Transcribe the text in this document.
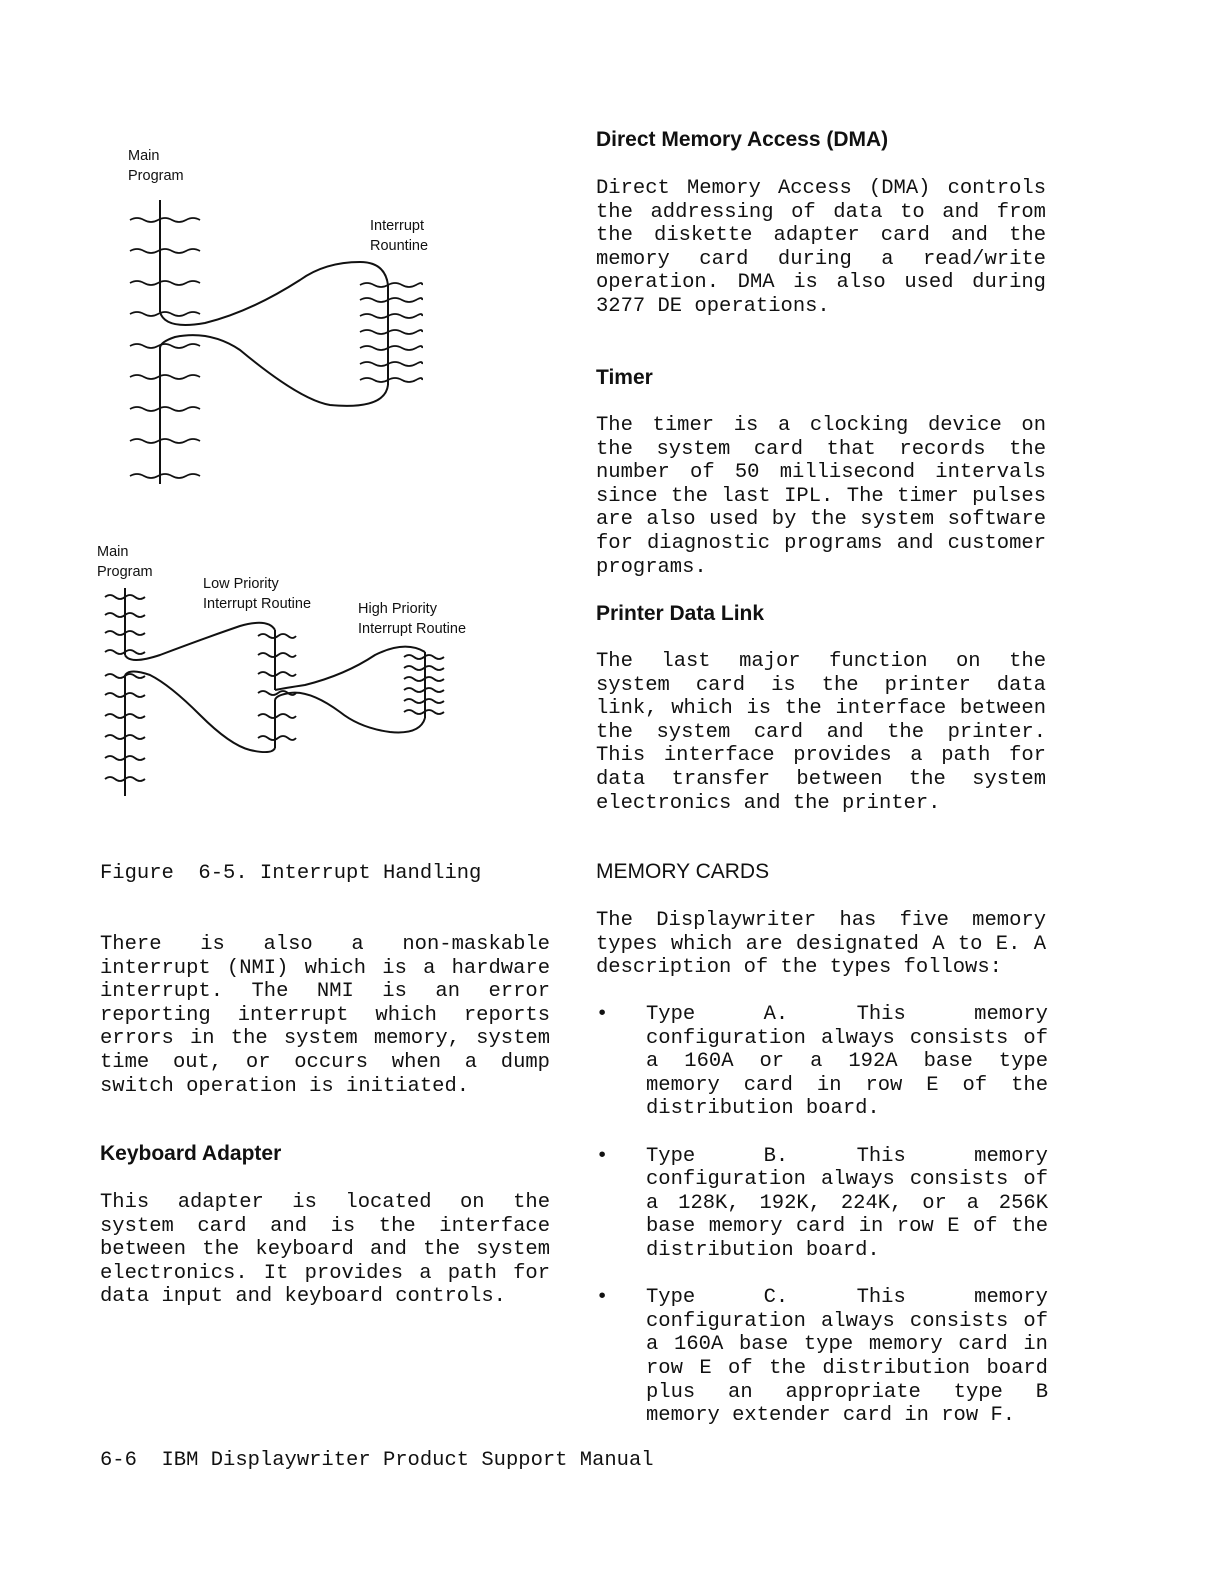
Main
Program
Interrupt
Rountine
Main
Program
Low Priority
Interrupt Routine	High Priority
Interrupt Routine
Figure  6-5. Interrupt Handling
There is also a non-maskable interrupt (NMI) which is a hardware interrupt. The NMI is an error reporting interrupt which reports errors in the system memory, system time out, or occurs when a dump switch operation is initiated.
Keyboard Adapter
This adapter is located on the system card and is the interface between the keyboard and the system electronics. It provides a path for data input and keyboard controls.
Direct Memory Access (DMA)
Direct Memory Access (DMA) controls the addressing of data to and from the diskette adapter card and the memory card during a read/write operation. DMA is also used during 3277 DE operations.
Timer
The timer is a clocking device on the system card that records the number of 50 millisecond intervals since the last IPL. The timer pulses are also used by the system software for diagnostic programs and customer programs.
Printer Data Link
The last major function on the system card is the printer data link, which is the interface between the system card and the printer. This interface provides a path for data transfer between the system electronics and the printer.
MEMORY CARDS
The Displaywriter has five memory types which are designated A to E. A description of the types follows:
• Type A. This memory configuration always consists of a 160A or a 192A base type memory card in row E of the distribution board.
• Type B. This memory configuration always consists of a 128K, 192K, 224K, or a 256K base memory card in row E of the distribution board.
• Type C. This memory configuration always consists of a 160A base type memory card in row E of the distribution board plus an appropriate type B memory extender card in row F.
6-6  IBM Displaywriter Product Support Manual
